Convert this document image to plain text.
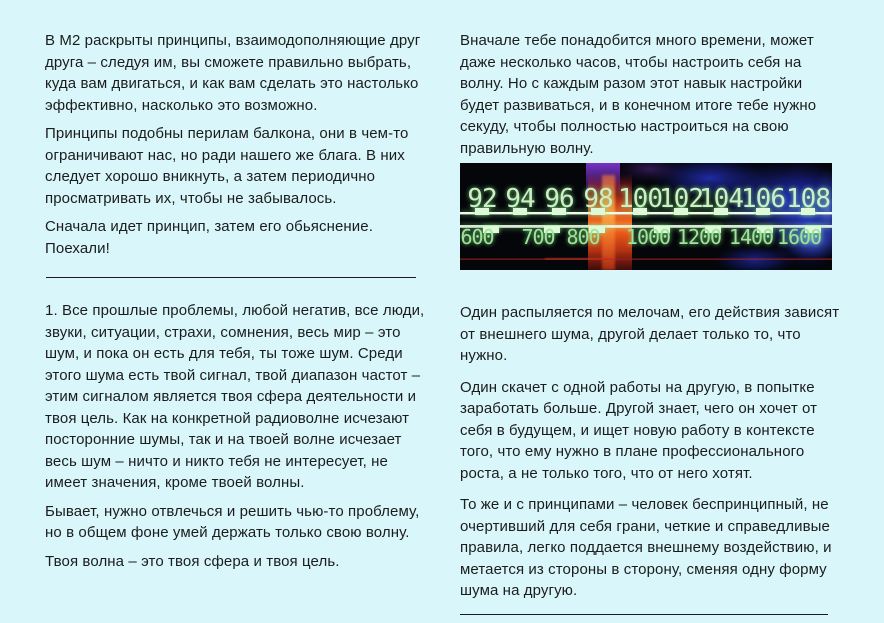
В М2 раскрыты принципы, взаимодополняющие друг друга – следуя им, вы сможете правильно выбрать, куда вам двигаться, и как вам сделать это настолько эффективно, насколько это возможно.

Принципы подобны перилам балкона, они в чем-то ограничивают нас, но ради нашего же блага. В них следует хорошо вникнуть, а затем периодично просматривать их, чтобы не забывалось.

Сначала идет принцип, затем его обьяснение. Поехали!

1. Все прошлые проблемы, любой негатив, все люди, звуки, ситуации, страхи, сомнения, весь мир – это шум, и пока он есть для тебя, ты тоже шум. Среди этого шума есть твой сигнал, твой диапазон частот – этим сигналом является твоя сфера деятельности и твоя цель. Как на конкретной радиоволне исчезают посторонние шумы, так и на твоей волне исчезает весь шум – ничто и никто тебя не интересует, не имеет значения, кроме твоей волны.

Бывает, нужно отвлечься и решить чью-то проблему, но в общем фоне умей держать только свою волну.

Твоя волна – это твоя сфера и твоя цель.

Вначале тебе понадобится много времени, может даже несколько часов, чтобы настроить себя на волну. Но с каждым разом этот навык настройки будет развиваться, и в конечном итоге тебе нужно секуду, чтобы полностью настроиться на свою правильную волну.

92 94 96 98 100
102
104
106 108
600 700 800 1000 1200 1400 1600

Один распыляется по мелочам, его действия зависят от внешнего шума, другой делает только то, что нужно.

Один скачет с одной работы на другую, в попытке заработать больше. Другой знает, чего он хочет от себя в будущем, и ищет новую работу в контексте того, что ему нужно в плане профессионального роста, а не только того, что от него хотят.

То же и с принципами – человек беспринципный, не очертивший для себя грани, четкие и справедливые правила, легко поддается внешнему воздействию, и метается из стороны в сторону, сменяя одну форму шума на другую.
